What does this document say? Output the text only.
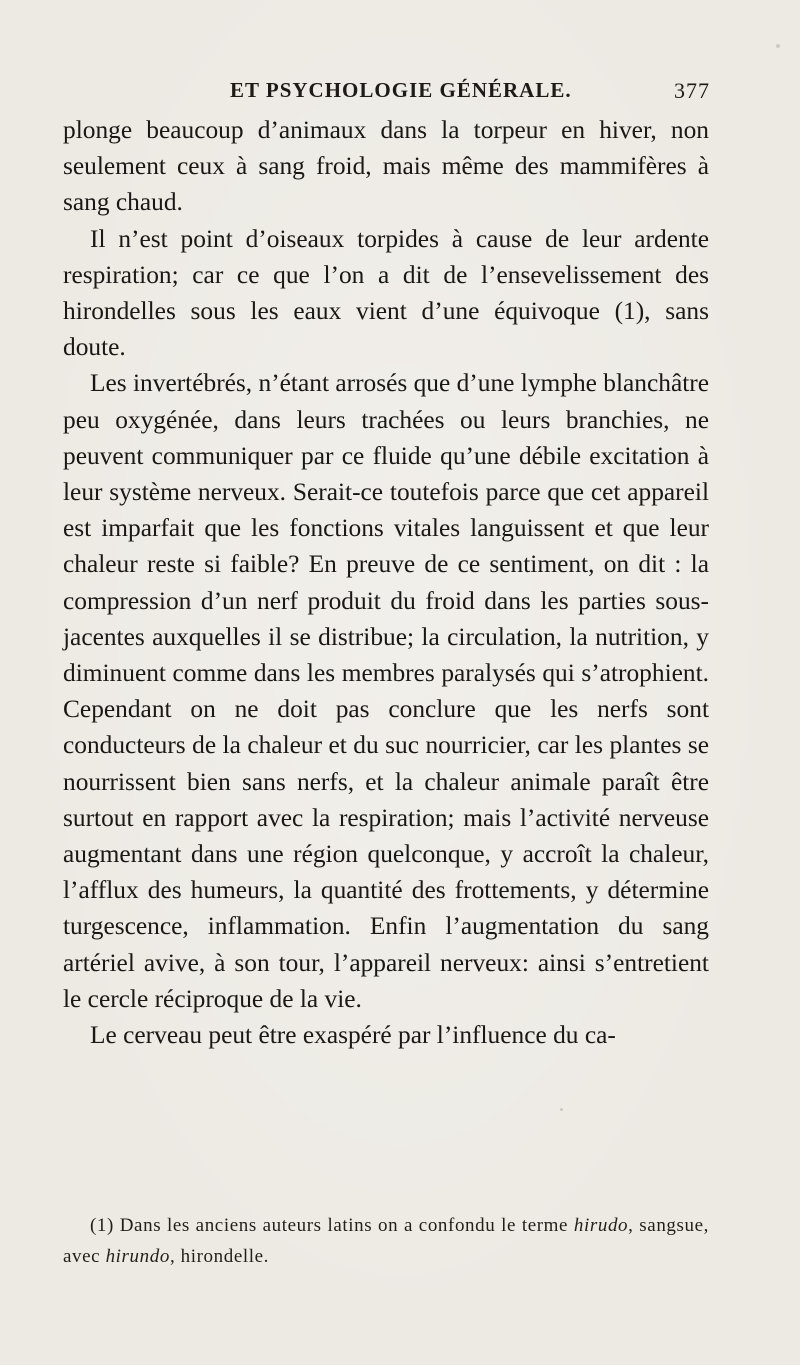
ET PSYCHOLOGIE GÉNÉRALE.	377

plonge beaucoup d’animaux dans la torpeur en hiver, non seulement ceux à sang froid, mais même des mammifères à sang chaud.

Il n’est point d’oiseaux torpides à cause de leur ardente respiration; car ce que l’on a dit de l’ensevelissement des hirondelles sous les eaux vient d’une équivoque (1), sans doute.

Les invertébrés, n’étant arrosés que d’une lymphe blanchâtre peu oxygénée, dans leurs trachées ou leurs branchies, ne peuvent communiquer par ce fluide qu’une débile excitation à leur système nerveux. Serait-ce toutefois parce que cet appareil est imparfait que les fonctions vitales languissent et que leur chaleur reste si faible? En preuve de ce sentiment, on dit : la compression d’un nerf produit du froid dans les parties sous-jacentes auxquelles il se distribue; la circulation, la nutrition, y diminuent comme dans les membres paralysés qui s’atrophient. Cependant on ne doit pas conclure que les nerfs sont conducteurs de la chaleur et du suc nourricier, car les plantes se nourrissent bien sans nerfs, et la chaleur animale paraît être surtout en rapport avec la respiration; mais l’activité nerveuse augmentant dans une région quelconque, y accroît la chaleur, l’afflux des humeurs, la quantité des frottements, y détermine turgescence, inflammation. Enfin l’augmentation du sang artériel avive, à son tour, l’appareil nerveux: ainsi s’entretient le cercle réciproque de la vie.

Le cerveau peut être exaspéré par l’influence du ca-

(1) Dans les anciens auteurs latins on a confondu le terme hirudo, sangsue, avec hirundo, hirondelle.
